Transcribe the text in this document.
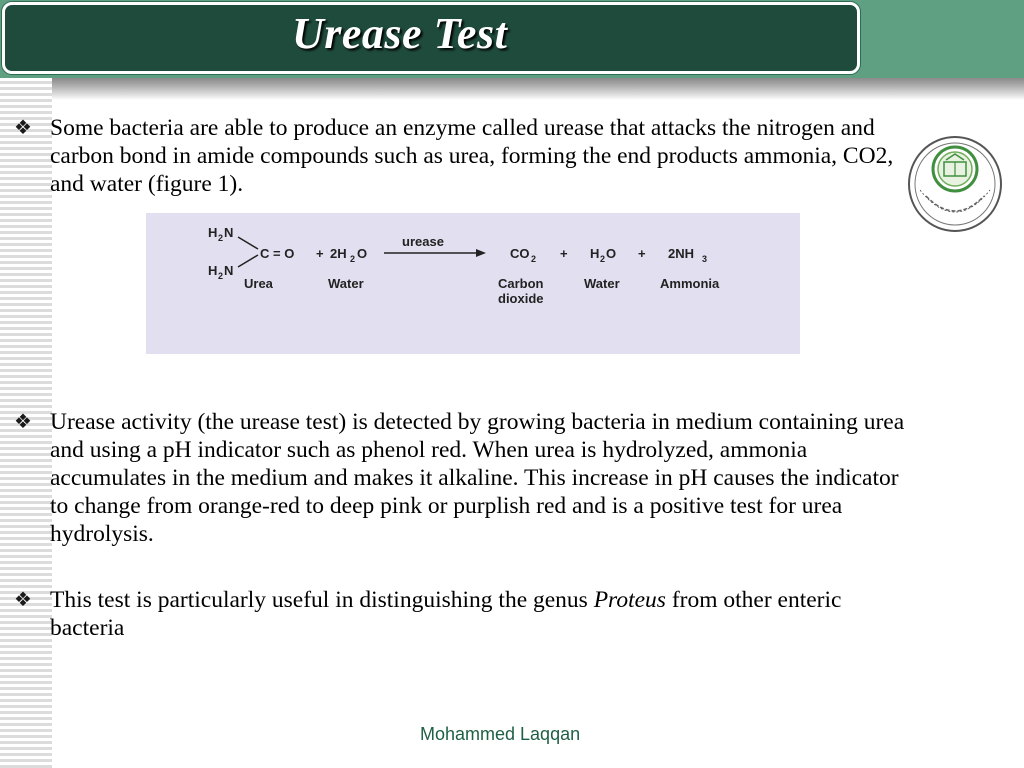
Urease Test
❖ Some bacteria are able to produce an enzyme called urease that attacks the nitrogen and carbon bond in amide compounds such as urea, forming the end products ammonia, CO2, and water (figure 1).
H 2 N
C = O + 2H 2 O
H 2 N
urease
CO 2 + H 2 O + 2NH 3
Urea	Water	Carbon
dioxide
Water	Ammonia
❖ Urease activity (the urease test) is detected by growing bacteria in medium containing urea and using a pH indicator such as phenol red. When urea is hydrolyzed, ammonia accumulates in the medium and makes it alkaline. This increase in pH causes the indicator to change from orange-red to deep pink or purplish red and is a positive test for urea hydrolysis.
❖ This test is particularly useful in distinguishing the genus Proteus from other enteric bacteria
Mohammed Laqqan
